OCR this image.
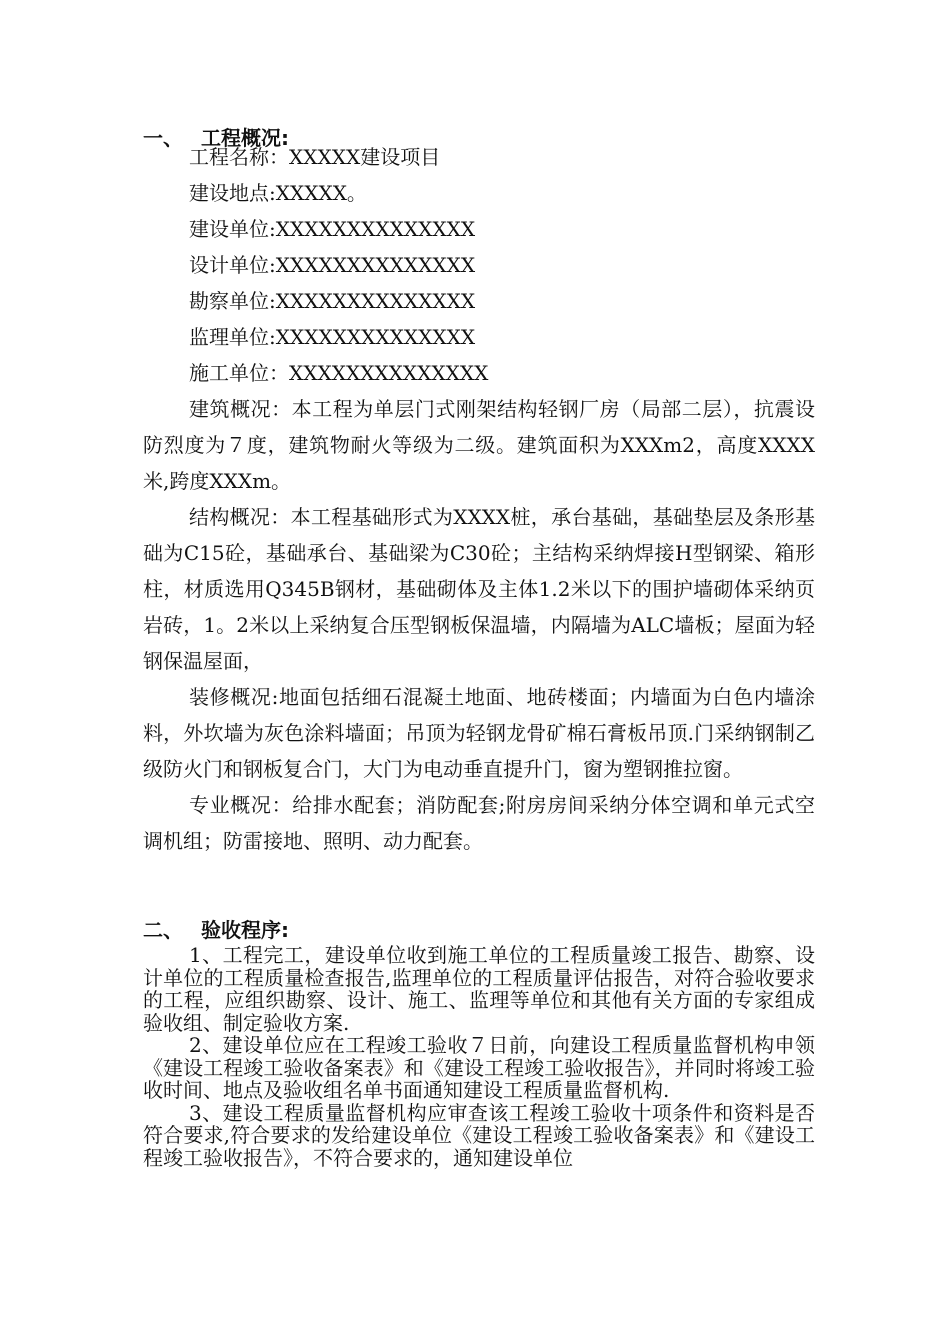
一、 工程概况:
工程名称：XXXXX建设项目
建设地点:XXXXX。
建设单位:XXXXXXXXXXXXXX
设计单位:XXXXXXXXXXXXXX
勘察单位:XXXXXXXXXXXXXX
监理单位:XXXXXXXXXXXXXX
施工单位：XXXXXXXXXXXXXX
建筑概况：本工程为单层门式刚架结构轻钢厂房（局部二层），抗震设防烈度为７度，建筑物耐火等级为二级。建筑面积为XXXm2，高度XXXX米,跨度XXXm。
结构概况：本工程基础形式为XXXX桩，承台基础，基础垫层及条形基础为C15砼，基础承台、基础梁为C30砼；主结构采纳焊接H型钢梁、箱形柱，材质选用Q345B钢材，基础砌体及主体1.2米以下的围护墙砌体采纳页岩砖，1。2米以上采纳复合压型钢板保温墙，内隔墙为ALC墙板；屋面为轻钢保温屋面，
装修概况:地面包括细石混凝土地面、地砖楼面；内墙面为白色内墙涂料，外坎墙为灰色涂料墙面；吊顶为轻钢龙骨矿棉石膏板吊顶.门采纳钢制乙级防火门和钢板复合门，大门为电动垂直提升门，窗为塑钢推拉窗。
专业概况：给排水配套；消防配套;附房房间采纳分体空调和单元式空调机组；防雷接地、照明、动力配套。
二、 验收程序:
1、工程完工，建设单位收到施工单位的工程质量竣工报告、勘察、设计单位的工程质量检查报告,监理单位的工程质量评估报告，对符合验收要求的工程，应组织勘察、设计、施工、监理等单位和其他有关方面的专家组成验收组、制定验收方案.
2、建设单位应在工程竣工验收７日前，向建设工程质量监督机构申领《建设工程竣工验收备案表》和《建设工程竣工验收报告》，并同时将竣工验收时间、地点及验收组名单书面通知建设工程质量监督机构.
3、建设工程质量监督机构应审查该工程竣工验收十项条件和资料是否符合要求,符合要求的发给建设单位《建设工程竣工验收备案表》和《建设工程竣工验收报告》，不符合要求的，通知建设单位
